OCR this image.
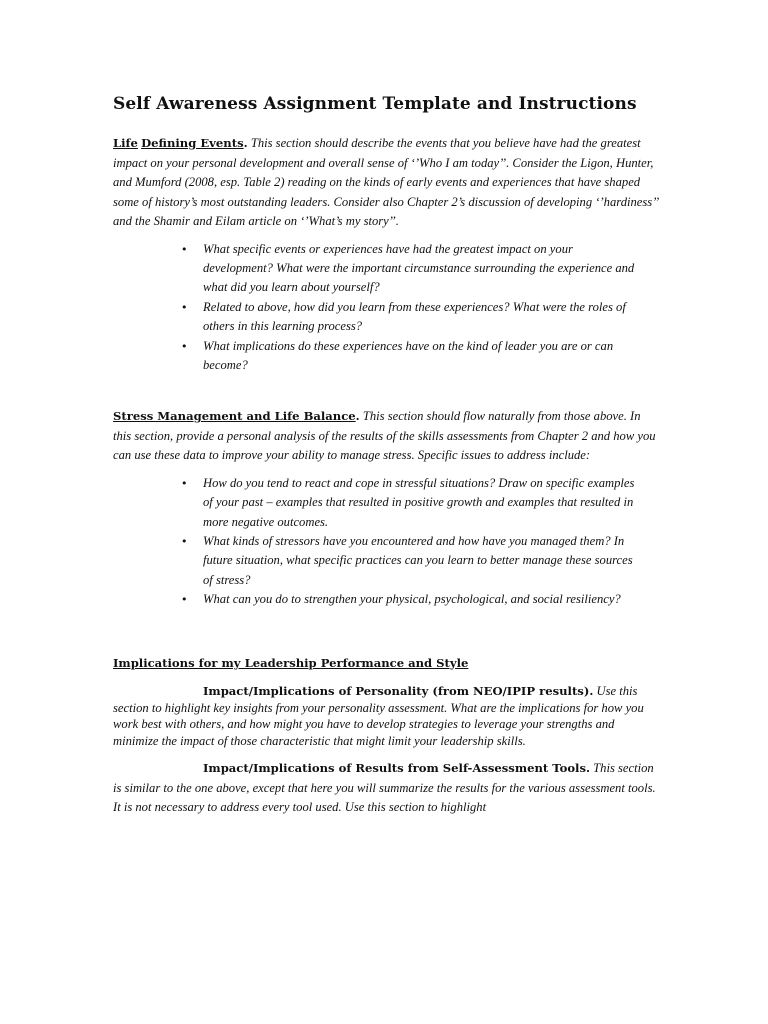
Self Awareness Assignment Template and Instructions

Life Defining Events. This section should describe the events that you believe have had the greatest impact on your personal development and overall sense of ‘’Who I am today’’. Consider the Ligon, Hunter, and Mumford (2008, esp. Table 2) reading on the kinds of early events and experiences that have shaped some of history’s most outstanding leaders. Consider also Chapter 2’s discussion of developing ‘’hardiness’’ and the Shamir and Eilam article on ‘’What’s my story’’.

• What specific events or experiences have had the greatest impact on your development? What were the important circumstance surrounding the experience and what did you learn about yourself?
• Related to above, how did you learn from these experiences? What were the roles of others in this learning process?
• What implications do these experiences have on the kind of leader you are or can become?

Stress Management and Life Balance. This section should flow naturally from those above. In this section, provide a personal analysis of the results of the skills assessments from Chapter 2 and how you can use these data to improve your ability to manage stress. Specific issues to address include:

• How do you tend to react and cope in stressful situations? Draw on specific examples of your past – examples that resulted in positive growth and examples that resulted in more negative outcomes.
• What kinds of stressors have you encountered and how have you managed them? In future situation, what specific practices can you learn to better manage these sources of stress?
• What can you do to strengthen your physical, psychological, and social resiliency?

Implications for my Leadership Performance and Style

Impact/Implications of Personality (from NEO/IPIP results). Use this section to highlight key insights from your personality assessment. What are the implications for how you work best with others, and how might you have to develop strategies to leverage your strengths and minimize the impact of those characteristic that might limit your leadership skills.

Impact/Implications of Results from Self-Assessment Tools. This section is similar to the one above, except that here you will summarize the results for the various assessment tools. It is not necessary to address every tool used. Use this section to highlight
